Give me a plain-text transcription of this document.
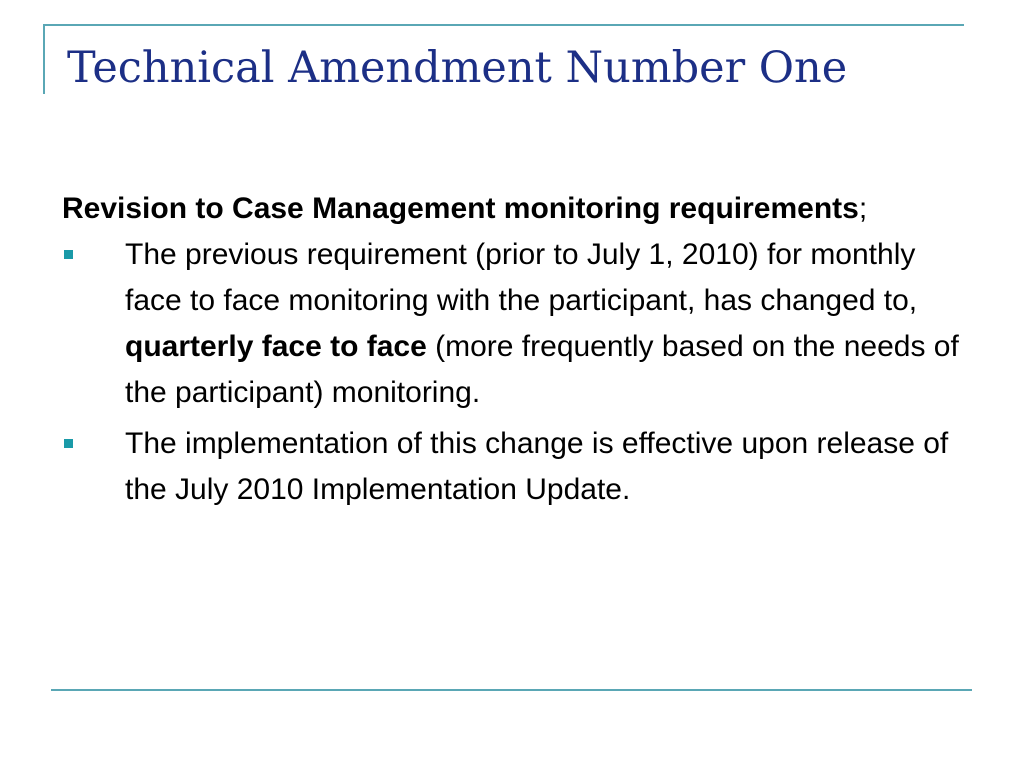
Technical Amendment Number One

Revision to Case Management monitoring requirements;

The previous requirement (prior to July 1, 2010) for monthly face to face monitoring with the participant, has changed to, quarterly face to face (more frequently based on the needs of the participant) monitoring.
The implementation of this change is effective upon release of the July 2010 Implementation Update.
